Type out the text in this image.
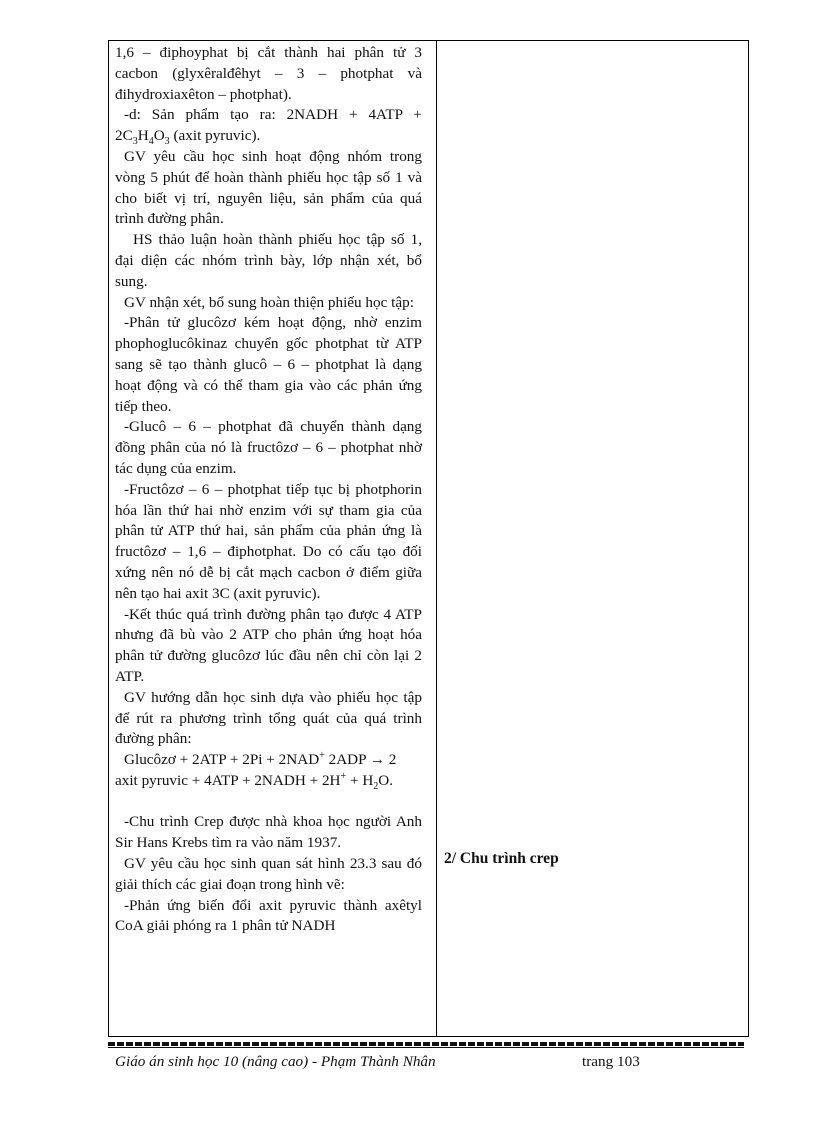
1,6 – điphoyphat bị cắt thành hai phân tử 3 cacbon (glyxêralđêhyt – 3 – photphat và đihydroxiaxêton – photphat).

-d: Sản phẩm tạo ra: 2NADH + $4ATP + 2C_3H_4O_3$ (axit pyruvic).

GV yêu cầu học sinh hoạt động nhóm trong vòng 5 phút để hoàn thành phiếu học tập số 1 và cho biết vị trí, nguyên liệu, sản phẩm của quá trình đường phân.

HS thảo luận hoàn thành phiếu học tập số 1, đại diện các nhóm trình bày, lớp nhận xét, bổ sung.

GV nhận xét, bổ sung hoàn thiện phiếu học tập:

-Phân tử glucôzơ kém hoạt động, nhờ enzim phophoglucôkinaz chuyển gốc photphat từ ATP sang sẽ tạo thành glucô – 6 – photphat là dạng hoạt động và có thể tham gia vào các phản ứng tiếp theo.

-Glucô – 6 – photphat đã chuyển thành dạng đồng phân của nó là fructôzơ – 6 – photphat nhờ tác dụng của enzim.

-Fructôzơ – 6 – photphat tiếp tục bị photphorin hóa lần thứ hai nhờ enzim với sự tham gia của phân tử ATP thứ hai, sản phẩm của phản ứng là fructôzơ – 1,6 – điphotphat. Do có cấu tạo đối xứng nên nó dễ bị cắt mạch cacbon ở điểm giữa nên tạo hai axit 3C (axit pyruvic).

-Kết thúc quá trình đường phân tạo được 4 ATP nhưng đã bù vào 2 ATP cho phản ứng hoạt hóa phân tử đường glucôzơ lúc đầu nên chỉ còn lại 2 ATP.

GV hướng dẫn học sinh dựa vào phiếu học tập để rút ra phương trình tổng quát của quá trình đường phân:

Glucôzơ + 2ATP + 2Pi + 2NAD+ 2ADP → 2 axit pyruvic + 4ATP + 2NADH + $2H^+ + H_2O$.

-Chu trình Crep được nhà khoa học người Anh Sir Hans Krebs tìm ra vào năm 1937.

GV yêu cầu học sinh quan sát hình 23.3 sau đó giải thích các giai đoạn trong hình vẽ:

-Phản ứng biến đổi axit pyruvic thành axêtyl CoA giải phóng ra 1 phân tử NADH

2/ Chu trình crep
Giáo án sinh học 10 (nâng cao) - Phạm Thành Nhân	trang 103
